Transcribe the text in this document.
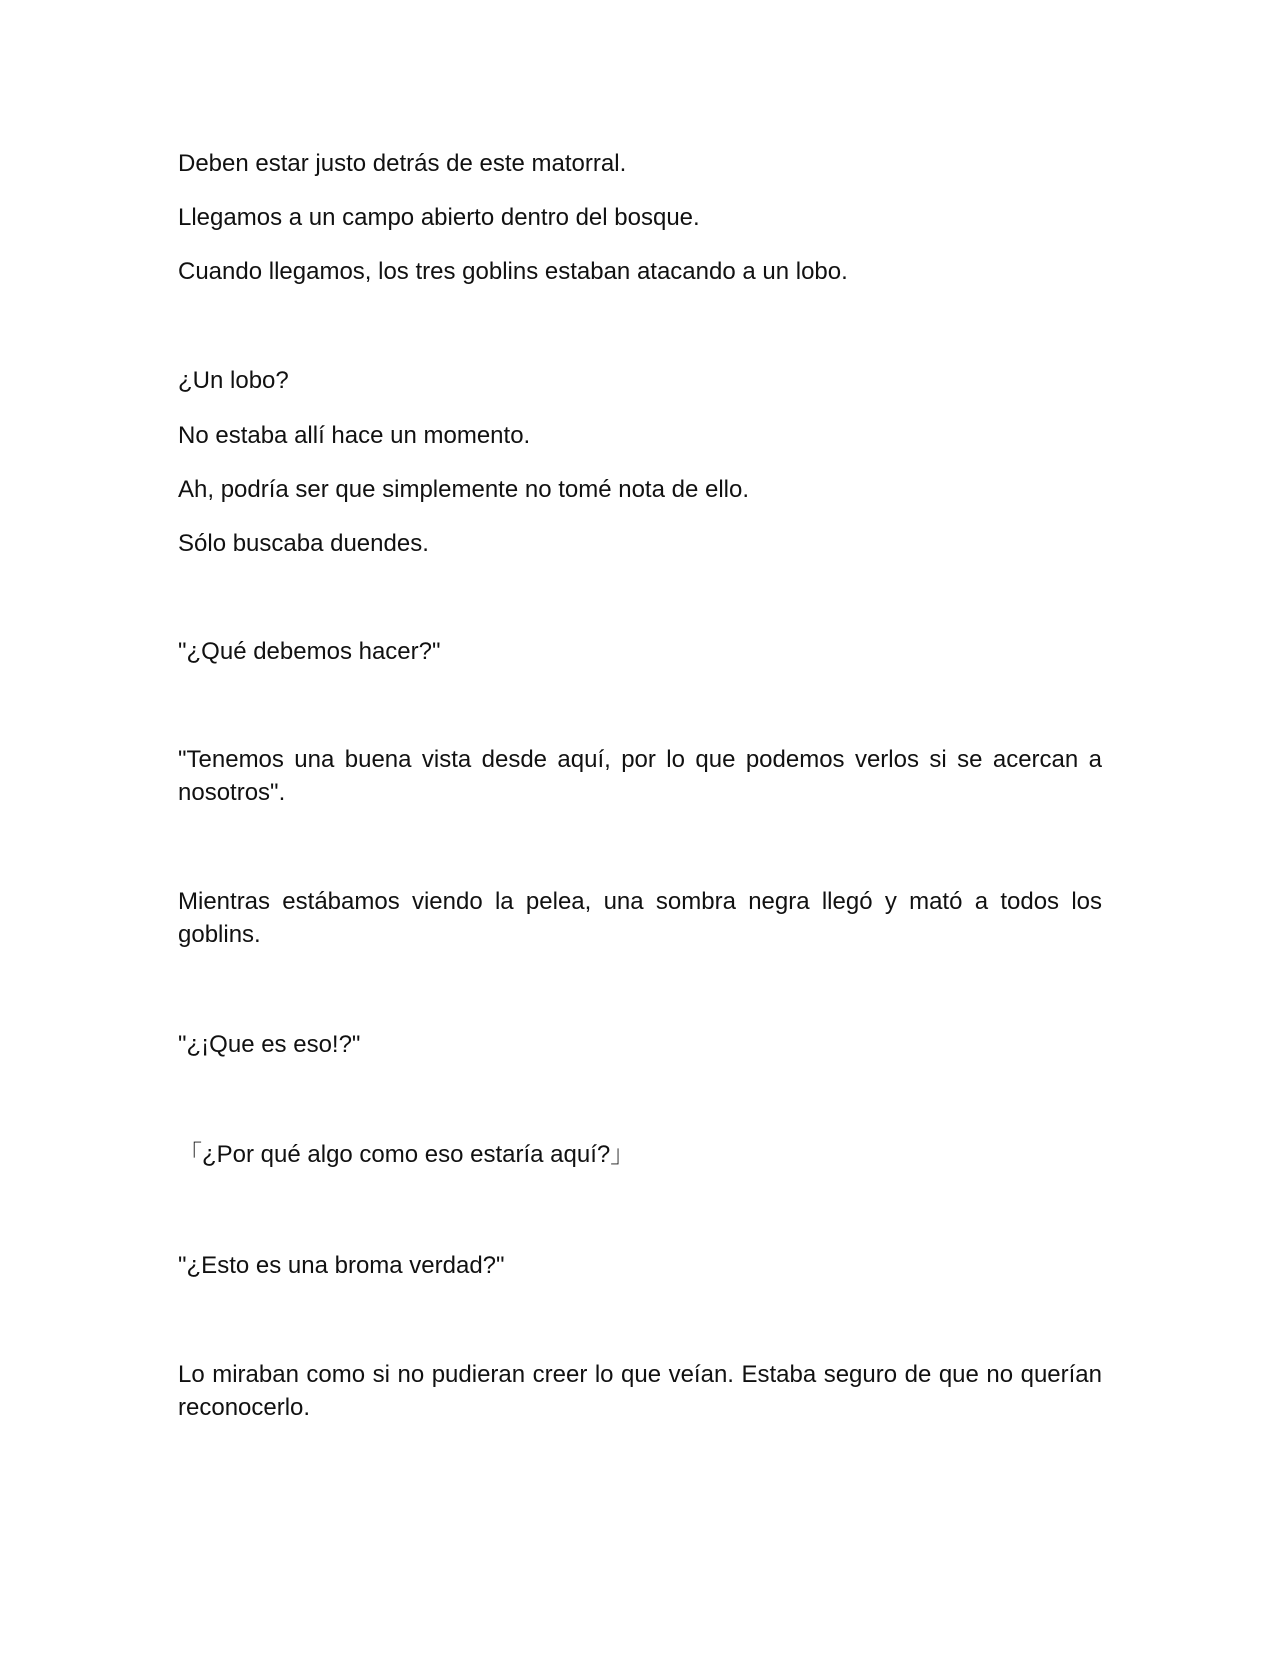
Deben estar justo detrás de este matorral.

Llegamos a un campo abierto dentro del bosque.

Cuando llegamos, los tres goblins estaban atacando a un lobo.

¿Un lobo?

No estaba allí hace un momento.

Ah, podría ser que simplemente no tomé nota de ello.

Sólo buscaba duendes.

"¿Qué debemos hacer?"

"Tenemos una buena vista desde aquí, por lo que podemos verlos si se acercan a nosotros".

Mientras estábamos viendo la pelea, una sombra negra llegó y mató a todos los goblins.

"¿¡Que es eso!?"

「¿Por qué algo como eso estaría aquí?」

"¿Esto es una broma verdad?"

Lo miraban como si no pudieran creer lo que veían. Estaba seguro de que no querían reconocerlo.
